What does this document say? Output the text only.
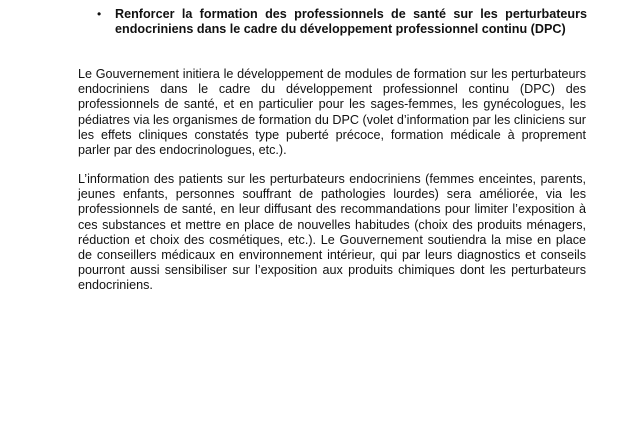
•	Renforcer la formation des professionnels de santé sur les perturbateurs endocriniens dans le cadre du développement professionnel continu (DPC)

Le Gouvernement initiera le développement de modules de formation sur les perturbateurs endocriniens dans le cadre du développement professionnel continu (DPC) des professionnels de santé, et en particulier pour les sages-femmes, les gynécologues, les pédiatres via les organismes de formation du DPC (volet d’information par les cliniciens sur les effets cliniques constatés type puberté précoce, formation médicale à proprement parler par des endocrinologues, etc.).

L’information des patients sur les perturbateurs endocriniens (femmes enceintes, parents, jeunes enfants, personnes souffrant de pathologies lourdes) sera améliorée, via les professionnels de santé, en leur diffusant des recommandations pour limiter l’exposition à ces substances et mettre en place de nouvelles habitudes (choix des produits ménagers, réduction et choix des cosmétiques, etc.). Le Gouvernement soutiendra la mise en place de conseillers médicaux en environnement intérieur, qui par leurs diagnostics et conseils pourront aussi sensibiliser sur l’exposition aux produits chimiques dont les perturbateurs endocriniens.
